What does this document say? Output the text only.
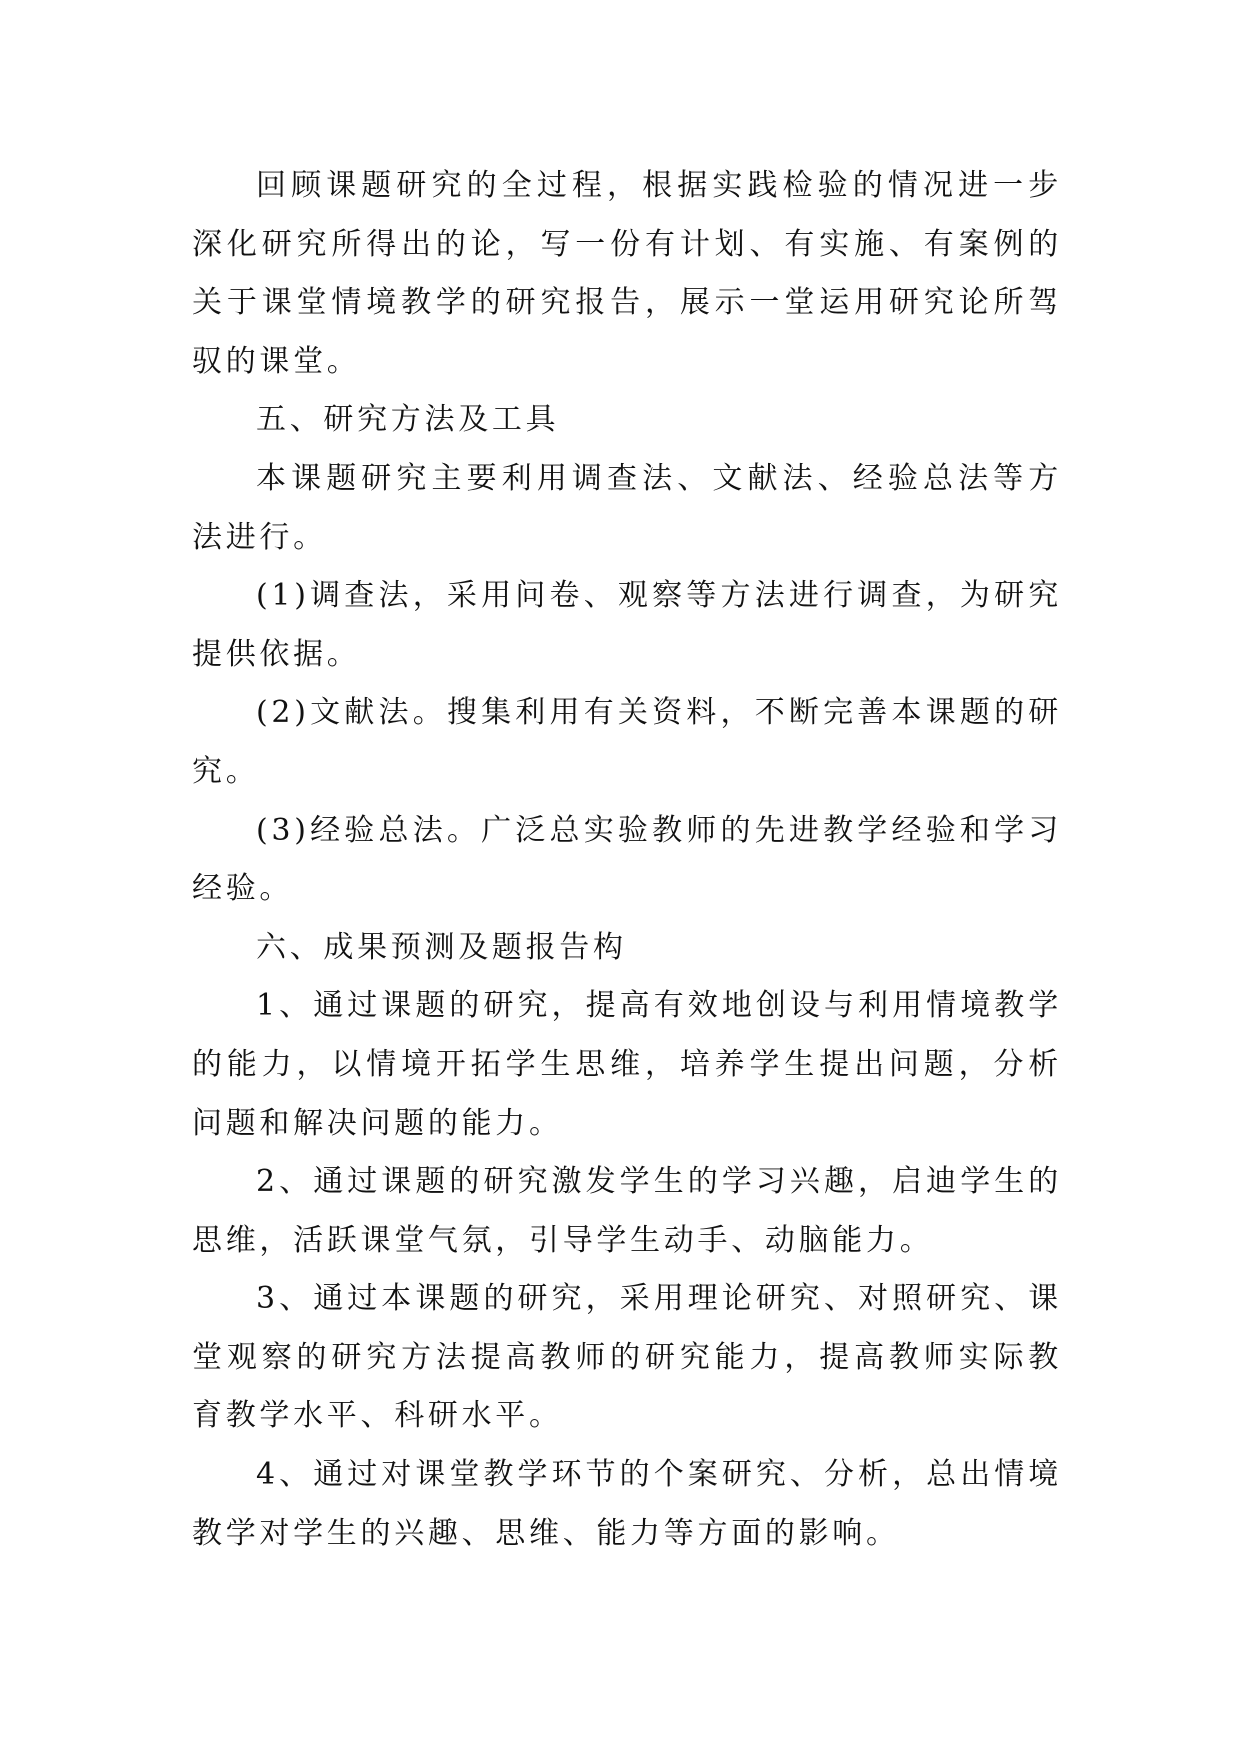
回顾课题研究的全过程，根据实践检验的情况进一步深化研究所得出的论，写一份有计划、有实施、有案例的关于课堂情境教学的研究报告，展示一堂运用研究论所驾驭的课堂。

五、研究方法及工具

本课题研究主要利用调查法、文献法、经验总法等方法进行。

(1)调查法，采用问卷、观察等方法进行调查，为研究提供依据。

(2)文献法。搜集利用有关资料，不断完善本课题的研究。

(3)经验总法。广泛总实验教师的先进教学经验和学习经验。

六、成果预测及题报告构

1、通过课题的研究，提高有效地创设与利用情境教学的能力，以情境开拓学生思维，培养学生提出问题，分析问题和解决问题的能力。

2、通过课题的研究激发学生的学习兴趣，启迪学生的思维，活跃课堂气氛，引导学生动手、动脑能力。

3、通过本课题的研究，采用理论研究、对照研究、课堂观察的研究方法提高教师的研究能力，提高教师实际教育教学水平、科研水平。

4、通过对课堂教学环节的个案研究、分析，总出情境教学对学生的兴趣、思维、能力等方面的影响。
